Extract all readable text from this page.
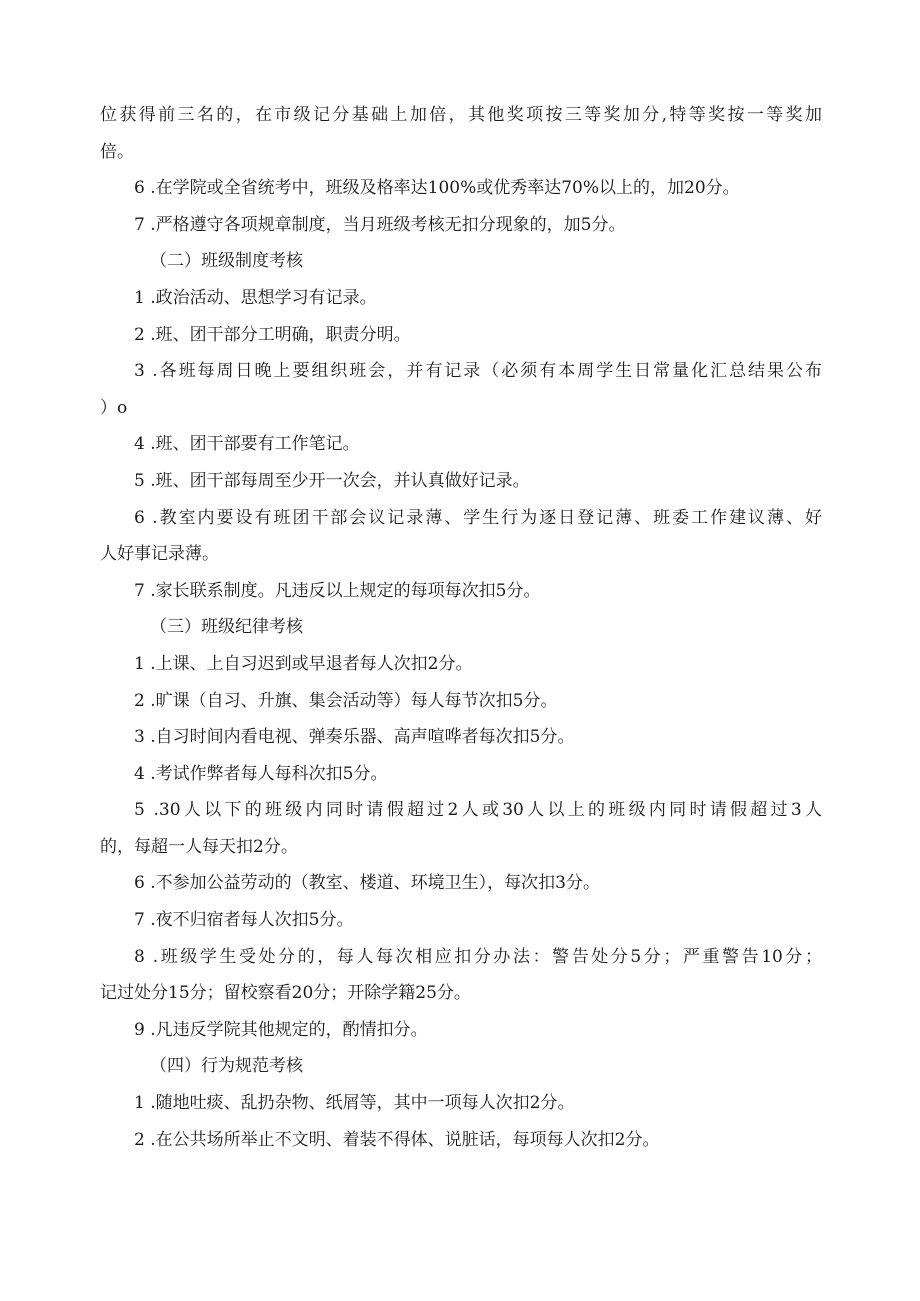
位获得前三名的，在市级记分基础上加倍，其他奖项按三等奖加分,特等奖按一等奖加
倍。
6 .在学院或全省统考中，班级及格率达100%或优秀率达70%以上的，加20分。
7 .严格遵守各项规章制度，当月班级考核无扣分现象的，加5分。
（二）班级制度考核
1 .政治活动、思想学习有记录。
2 .班、团干部分工明确，职责分明。
3 .各班每周日晚上要组织班会，并有记录（必须有本周学生日常量化汇总结果公布
）o
4 .班、团干部要有工作笔记。
5 .班、团干部每周至少开一次会，并认真做好记录。
6 .教室内要设有班团干部会议记录薄、学生行为逐日登记薄、班委工作建议薄、好
人好事记录薄。
7 .家长联系制度。凡违反以上规定的每项每次扣5分。
（三）班级纪律考核
1 .上课、上自习迟到或早退者每人次扣2分。
2 .旷课（自习、升旗、集会活动等）每人每节次扣5分。
3 .自习时间内看电视、弹奏乐器、高声喧哗者每次扣5分。
4 .考试作弊者每人每科次扣5分。
5 .30人以下的班级内同时请假超过2人或30人以上的班级内同时请假超过3人
的，每超一人每天扣2分。
6 .不参加公益劳动的（教室、楼道、环境卫生），每次扣3分。
7 .夜不归宿者每人次扣5分。
8 .班级学生受处分的，每人每次相应扣分办法：警告处分5分；严重警告10分；
记过处分15分；留校察看20分；开除学籍25分。
9 .凡违反学院其他规定的，酌情扣分。
（四）行为规范考核
1 .随地吐痰、乱扔杂物、纸屑等，其中一项每人次扣2分。
2 .在公共场所举止不文明、着装不得体、说脏话，每项每人次扣2分。
